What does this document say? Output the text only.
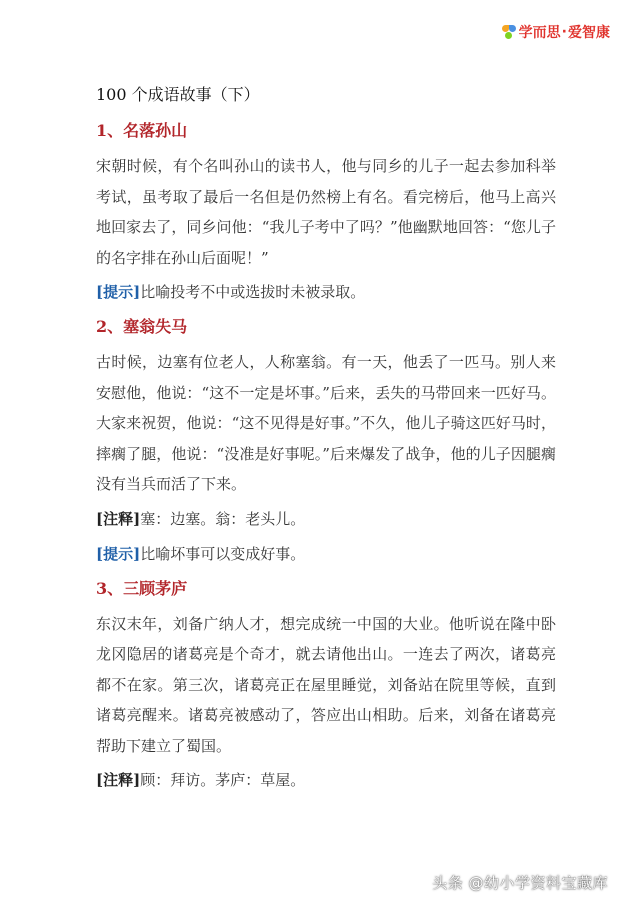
学而思 · 爱智康
100 个成语故事（下）
1、名落孙山

宋朝时候，有个名叫孙山的读书人，他与同乡的儿子一起去参加科举考试，虽考取了最后一名但是仍然榜上有名。看完榜后，他马上高兴地回家去了，同乡问他：“我儿子考中了吗？”他幽默地回答：“您儿子的名字排在孙山后面呢！”

[提示]比喻投考不中或选拔时未被录取。

2、塞翁失马

古时候，边塞有位老人，人称塞翁。有一天，他丢了一匹马。别人来安慰他，他说：“这不一定是坏事。”后来，丢失的马带回来一匹好马。大家来祝贺，他说：“这不见得是好事。”不久，他儿子骑这匹好马时，摔瘸了腿，他说：“没准是好事呢。”后来爆发了战争，他的儿子因腿瘸没有当兵而活了下来。

[注释]塞：边塞。翁：老头儿。

[提示]比喻坏事可以变成好事。

3、三顾茅庐

东汉末年，刘备广纳人才，想完成统一中国的大业。他听说在隆中卧龙冈隐居的诸葛亮是个奇才，就去请他出山。一连去了两次，诸葛亮都不在家。第三次，诸葛亮正在屋里睡觉，刘备站在院里等候，直到诸葛亮醒来。诸葛亮被感动了，答应出山相助。后来，刘备在诸葛亮帮助下建立了蜀国。

[注释]顾：拜访。茅庐：草屋。

头条 @幼小学资料宝藏库
